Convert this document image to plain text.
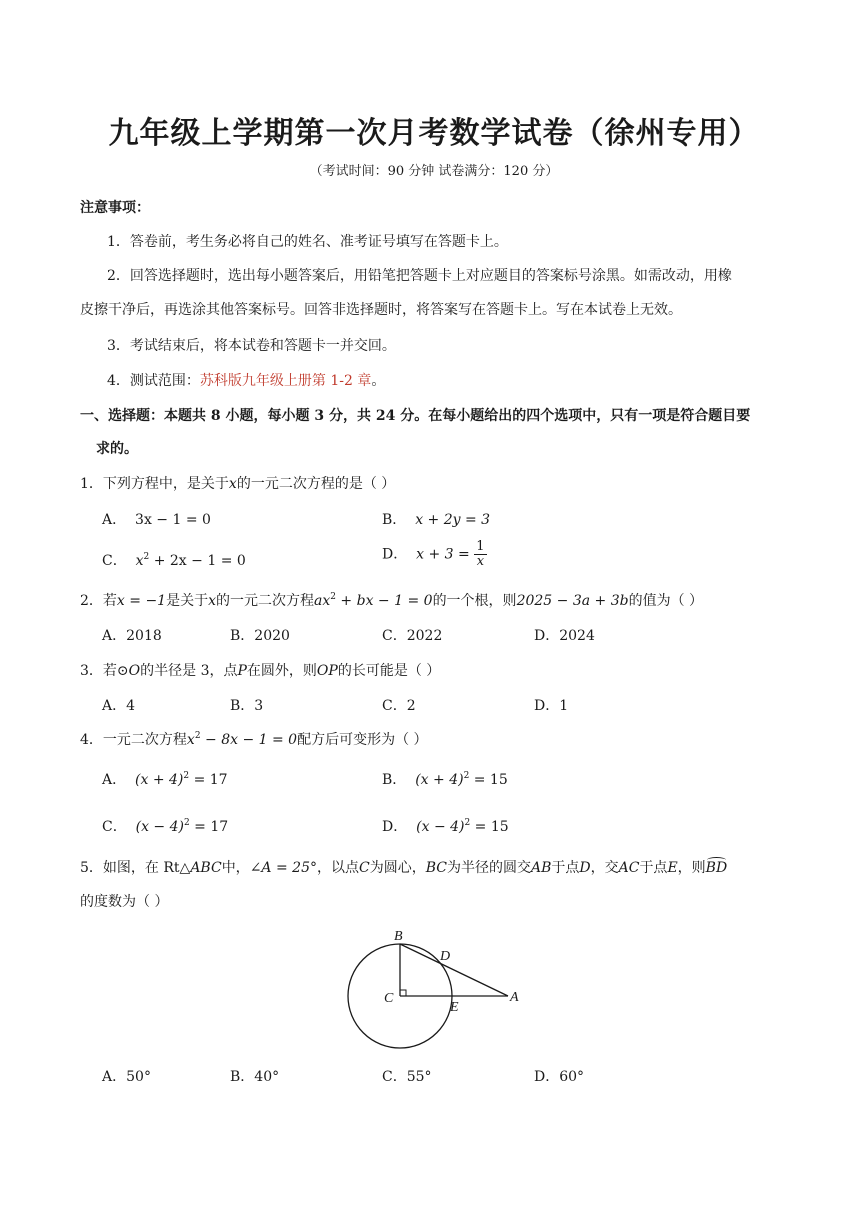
九年级上学期第一次月考数学试卷（徐州专用）
（考试时间：90 分钟 试卷满分：120 分）
注意事项：
1．答卷前，考生务必将自己的姓名、准考证号填写在答题卡上。
2．回答选择题时，选出每小题答案后，用铅笔把答题卡上对应题目的答案标号涂黑。如需改动，用橡
皮擦干净后，再选涂其他答案标号。回答非选择题时，将答案写在答题卡上。写在本试卷上无效。
3．考试结束后，将本试卷和答题卡一并交回。
4．测试范围：苏科版九年级上册第 1-2 章。
一、选择题：本题共 8 小题，每小题 3 分，共 24 分。在每小题给出的四个选项中，只有一项是符合题目要
求的。
1．下列方程中，是关于x的一元二次方程的是（ ）
A． 3x − 1 = 0	B． x + 2y = 3
C． $x^2 + 2x - 1 = 0$	D． $x + 3 = \frac{1}{x}$
2．若x = −1是关于x的一元二次方程$ax^2$ + bx − 1 = 0的一个根，则2025 − 3a + 3b的值为（ ）
A．2018	B．2020	C．2022	D．2024
3．若⊙O的半径是 3，点P在圆外，则OP的长可能是（ ）
A．4	B．3	C．2	D．1
4．一元二次方程$x^2 - 8x - 1 = 0$配方后可变形为（ ）
A． $(x + 4)^2 = 17$	B． $(x + 4)^2 = 15$
C． $(x - 4)^2 = 17$	D． $(x - 4)^2 = 15$
5．如图，在 Rt△ABC中，∠A = 25°，以点C为圆心，BC为半径的圆交AB于点D，交AC于点E，则BD
的度数为（ ）
B
D
C
E
A
A．50°	B．40°	C．55°	D．60°
